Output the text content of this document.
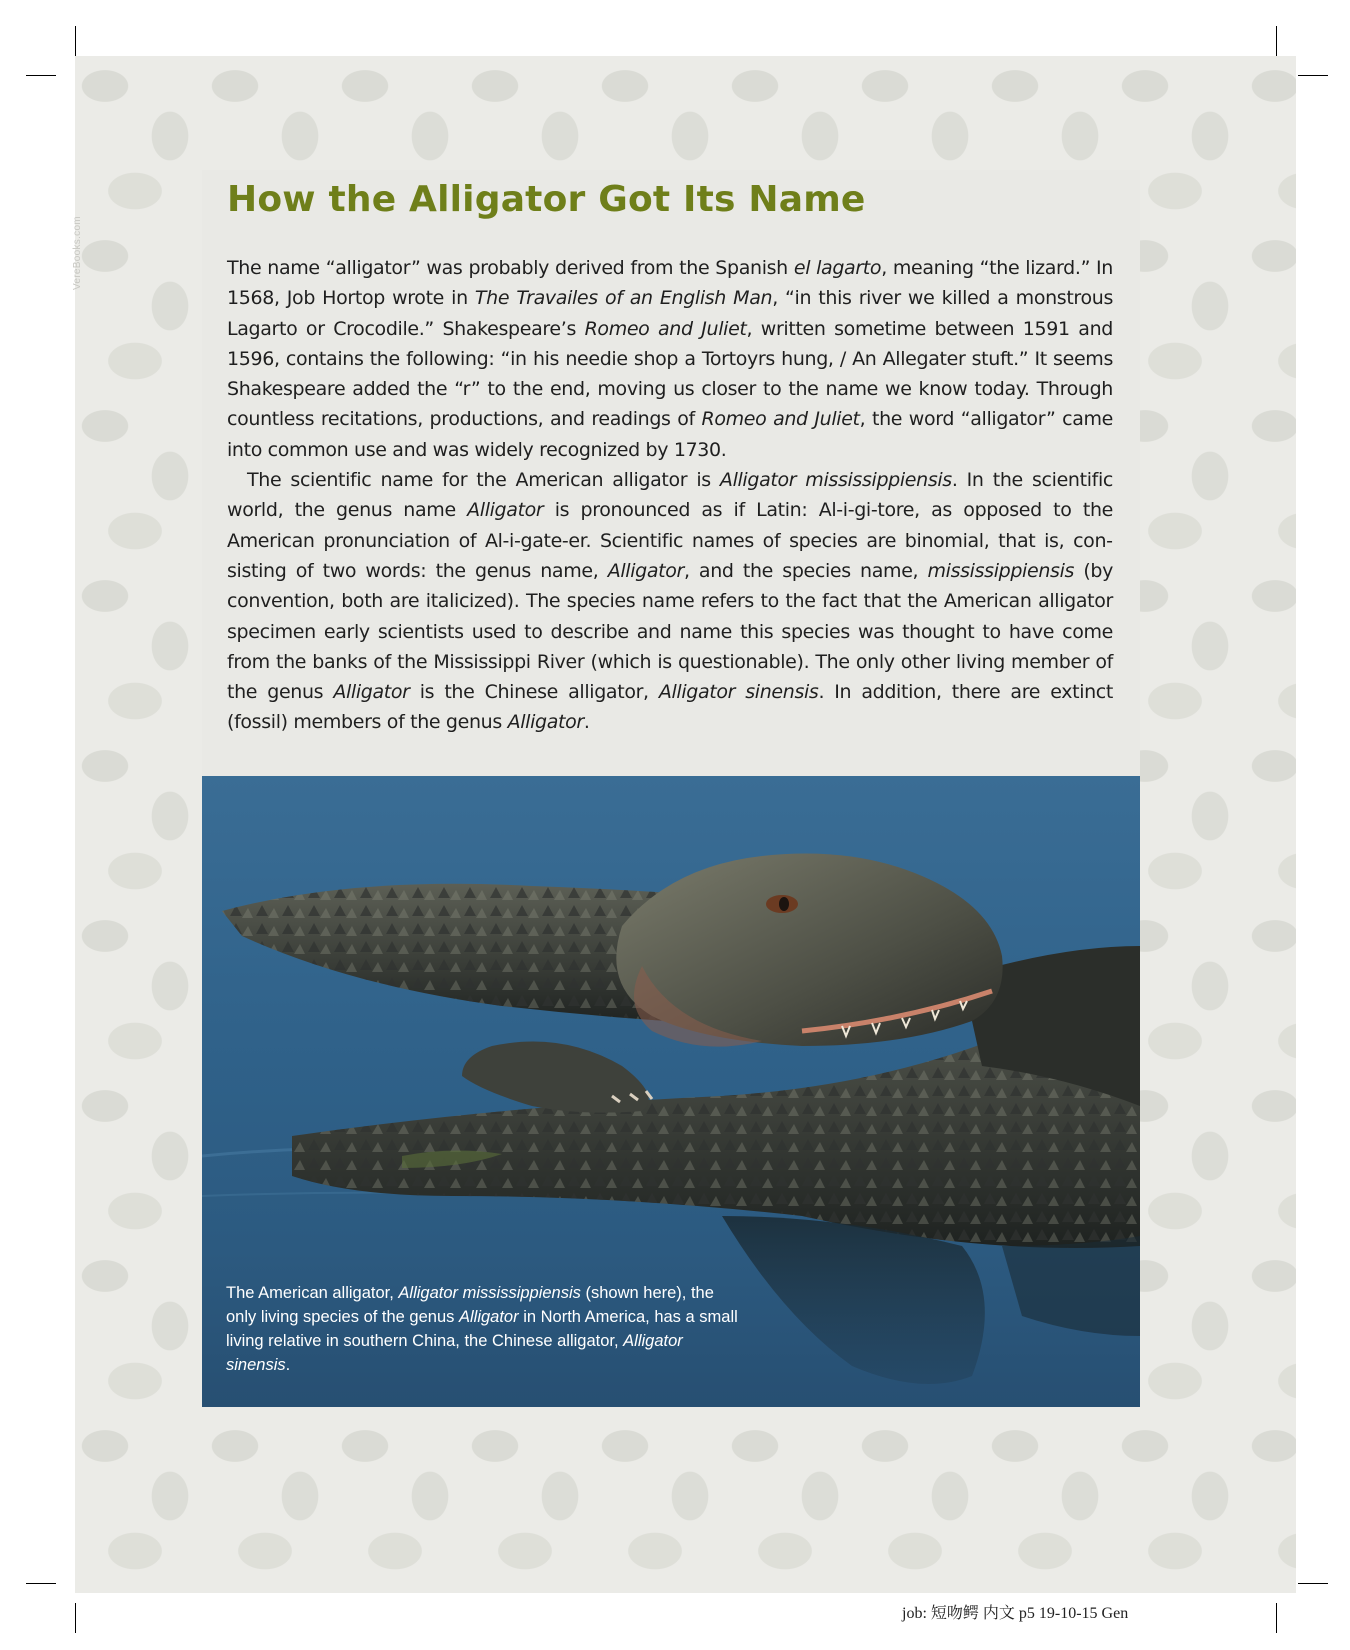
VereBooks.com
How the Alligator Got Its Name

The name “alligator” was probably derived from the Spanish el lagarto, meaning “the lizard.” In 1568, Job Hortop wrote in The Travailes of an English Man, “in this river we killed a monstrous Lagarto or Crocodile.” Shakespeare’s Romeo and Juliet, written sometime between 1591 and 1596, contains the following: “in his needie shop a Tortoyrs hung, / An Allegater stuft.” It seems Shakespeare added the “r” to the end, moving us closer to the name we know today. Through countless recitations, productions, and readings of Romeo and Juliet, the word “alligator” came into common use and was widely recognized by 1730.

The scientific name for the American alligator is Alligator mississippiensis. In the scientific world, the genus name Alligator is pronounced as if Latin: Al-i-gi-tore, as opposed to the American pronunciation of Al-i-gate-er. Scientific names of species are binomial, that is, consisting of two words: the genus name, Alligator, and the species name, mississippiensis (by convention, both are italicized). The species name refers to the fact that the American alligator specimen early scientists used to describe and name this species was thought to have come from the banks of the Mississippi River (which is questionable). The only other living member of the genus Alligator is the Chinese alligator, Alligator sinensis. In addition, there are extinct (fossil) members of the genus Alligator.

The American alligator, Alligator mississippiensis (shown here), the only living species of the genus Alligator in North America, has a small living relative in southern China, the Chinese alligator, Alligator sinensis.
job: 短吻鳄 内文 p5 19-10-15 Gen
